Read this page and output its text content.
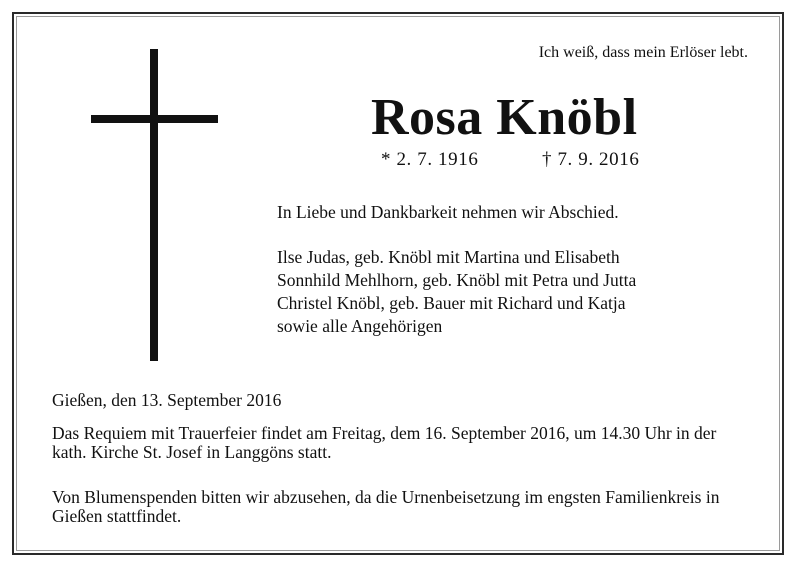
Ich weiß, dass mein Erlöser lebt.
Rosa Knöbl
* 2. 7. 1916	† 7. 9. 2016
In Liebe und Dankbarkeit nehmen wir Abschied.
Ilse Judas, geb. Knöbl mit Martina und Elisabeth
Sonnhild Mehlhorn, geb. Knöbl mit Petra und Jutta
Christel Knöbl, geb. Bauer mit Richard und Katja
sowie alle Angehörigen
Gießen, den 13. September 2016
Das Requiem mit Trauerfeier findet am Freitag, dem 16. September 2016, um 14.30 Uhr in der kath. Kirche St. Josef in Langgöns statt.
Von Blumenspenden bitten wir abzusehen, da die Urnenbeisetzung im engsten Familienkreis in Gießen stattfindet.
